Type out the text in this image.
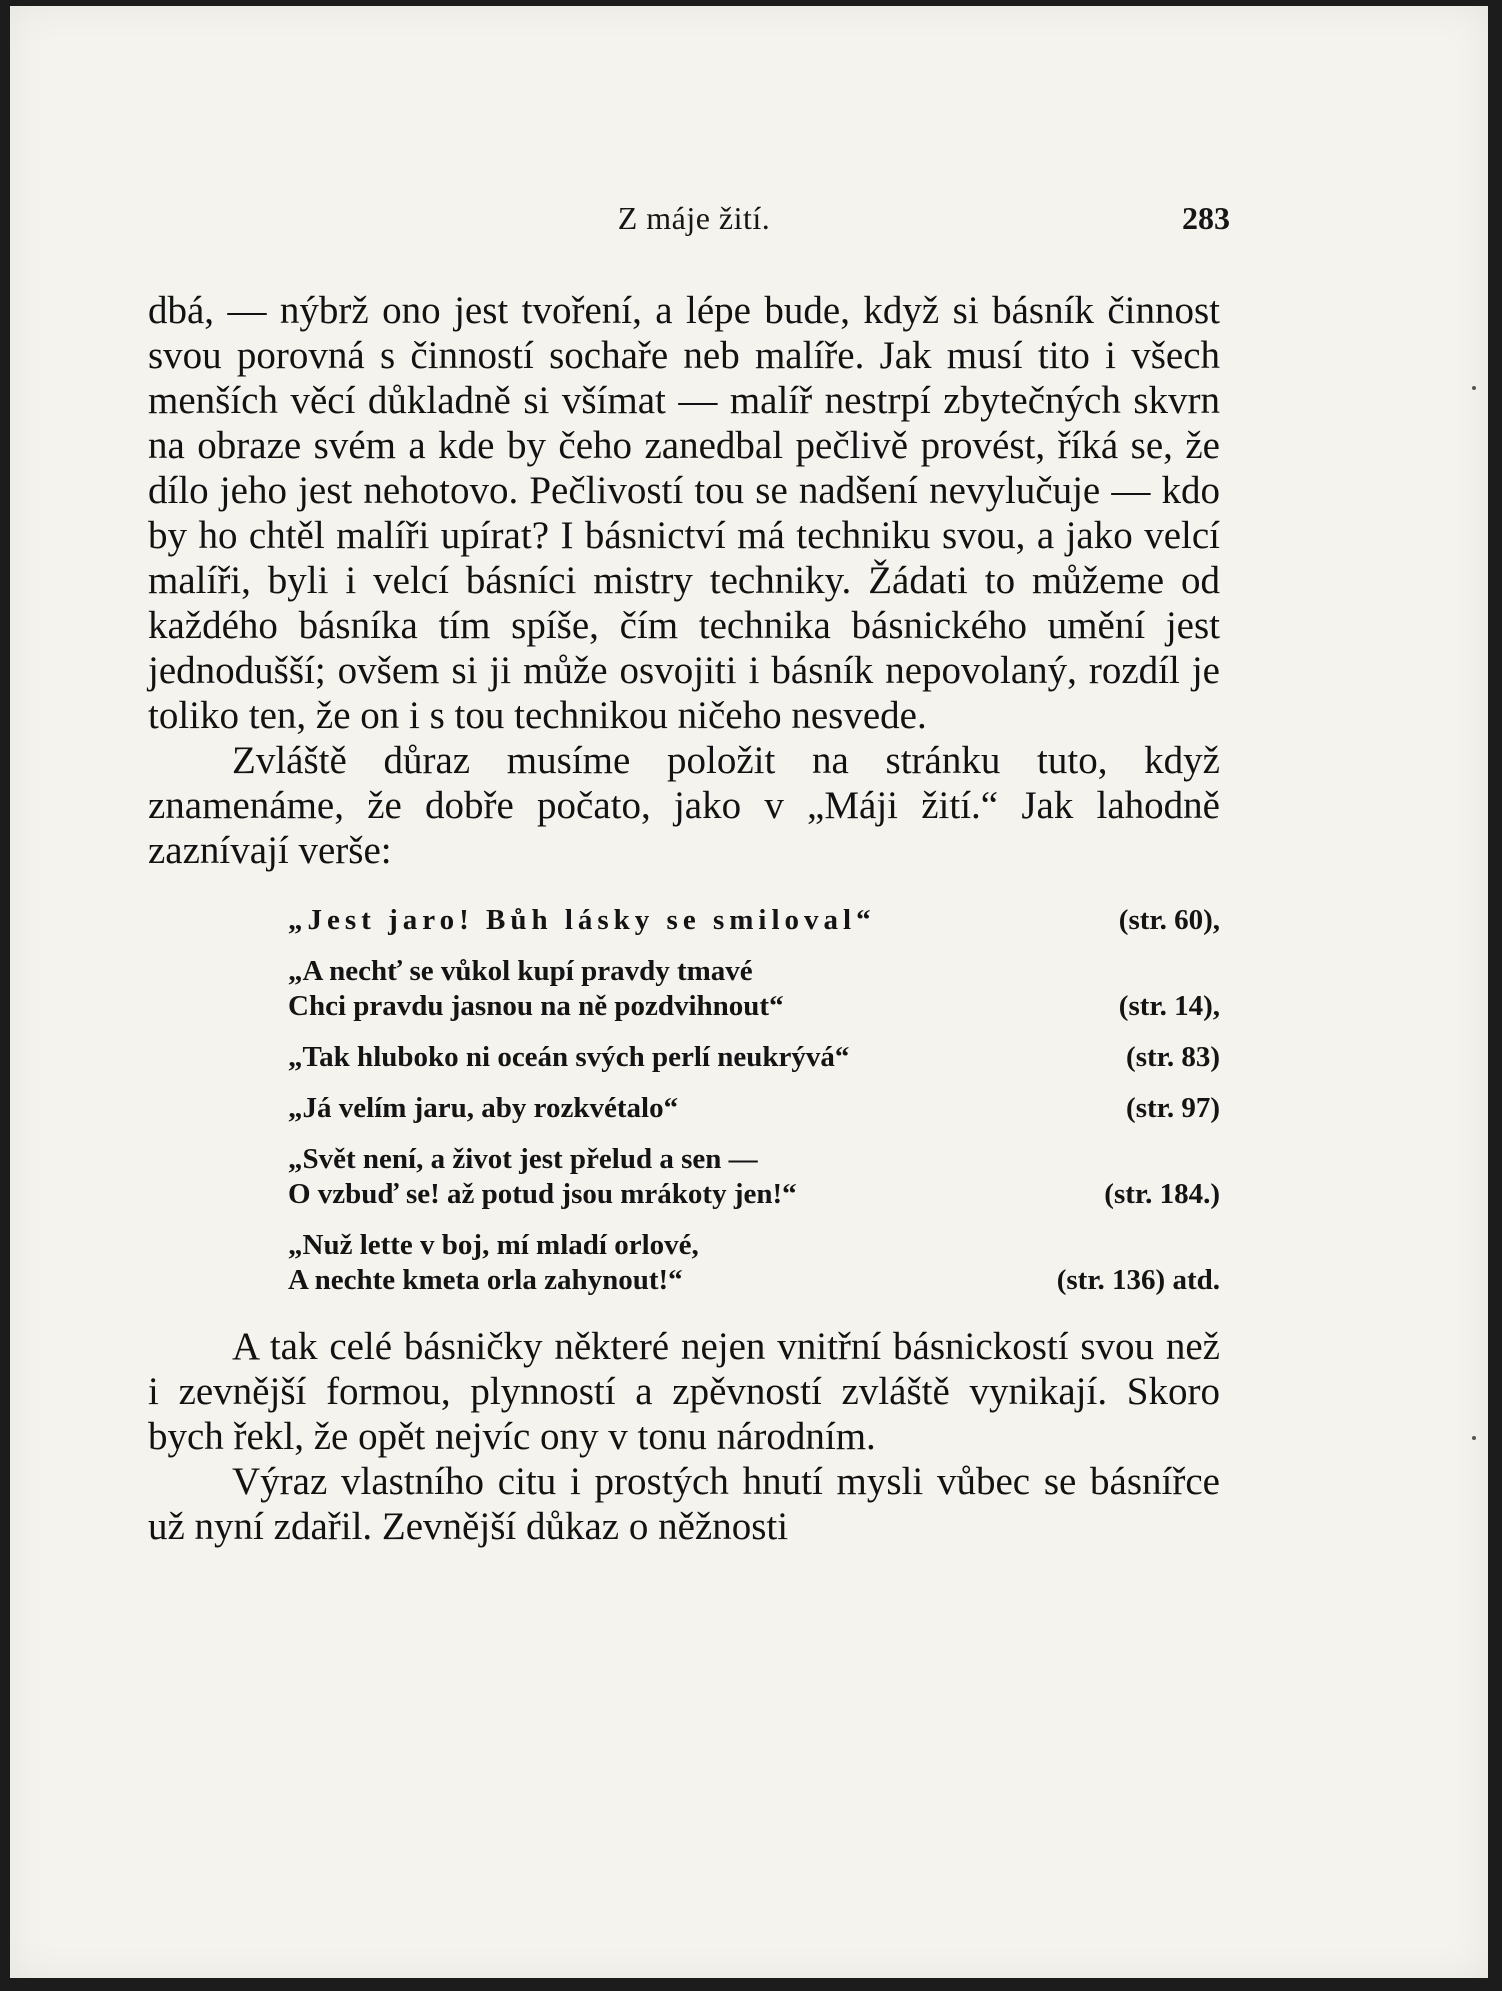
Z máje žití.	283

dbá, — nýbrž ono jest tvoření, a lépe bude, když si básník činnost svou porovná s činností sochaře neb malíře. Jak musí tito i všech menších věcí důkladně si všímat — malíř nestrpí zbytečných skvrn na obraze svém a kde by čeho zanedbal pečlivě provést, říká se, že dílo jeho jest nehotovo. Pečlivostí tou se nadšení nevylučuje — kdo by ho chtěl malíři upírat? I básnictví má techniku svou, a jako velcí malíři, byli i velcí básníci mistry techniky. Žádati to můžeme od každého básníka tím spíše, čím technika básnického umění jest jednodušší; ovšem si ji může osvojiti i básník nepovolaný, rozdíl je toliko ten, že on i s tou technikou ničeho nesvede.

Zvláště důraz musíme položit na stránku tuto, když znamenáme, že dobře počato, jako v „Máji žití.“ Jak lahodně zaznívají verše:

„Jest jaro! Bůh lásky se smiloval“	(str. 60),
„A nechť se vůkol kupí pravdy tmavé
Chci pravdu jasnou na ně pozdvihnout“	(str. 14),
„Tak hluboko ni oceán svých perlí neukrývá“	(str. 83)
„Já velím jaru, aby rozkvétalo“	(str. 97)
„Svět není, a život jest přelud a sen —
O vzbuď se! až potud jsou mrákoty jen!“	(str. 184.)
„Nuž lette v boj, mí mladí orlové,
A nechte kmeta orla zahynout!“	(str. 136) atd.

A tak celé básničky některé nejen vnitřní básnickostí svou než i zevnější formou, plynností a zpěvností zvláště vynikají. Skoro bych řekl, že opět nejvíc ony v tonu národním.

Výraz vlastního citu i prostých hnutí mysli vůbec se básnířce už nyní zdařil. Zevnější důkaz o něžnosti
